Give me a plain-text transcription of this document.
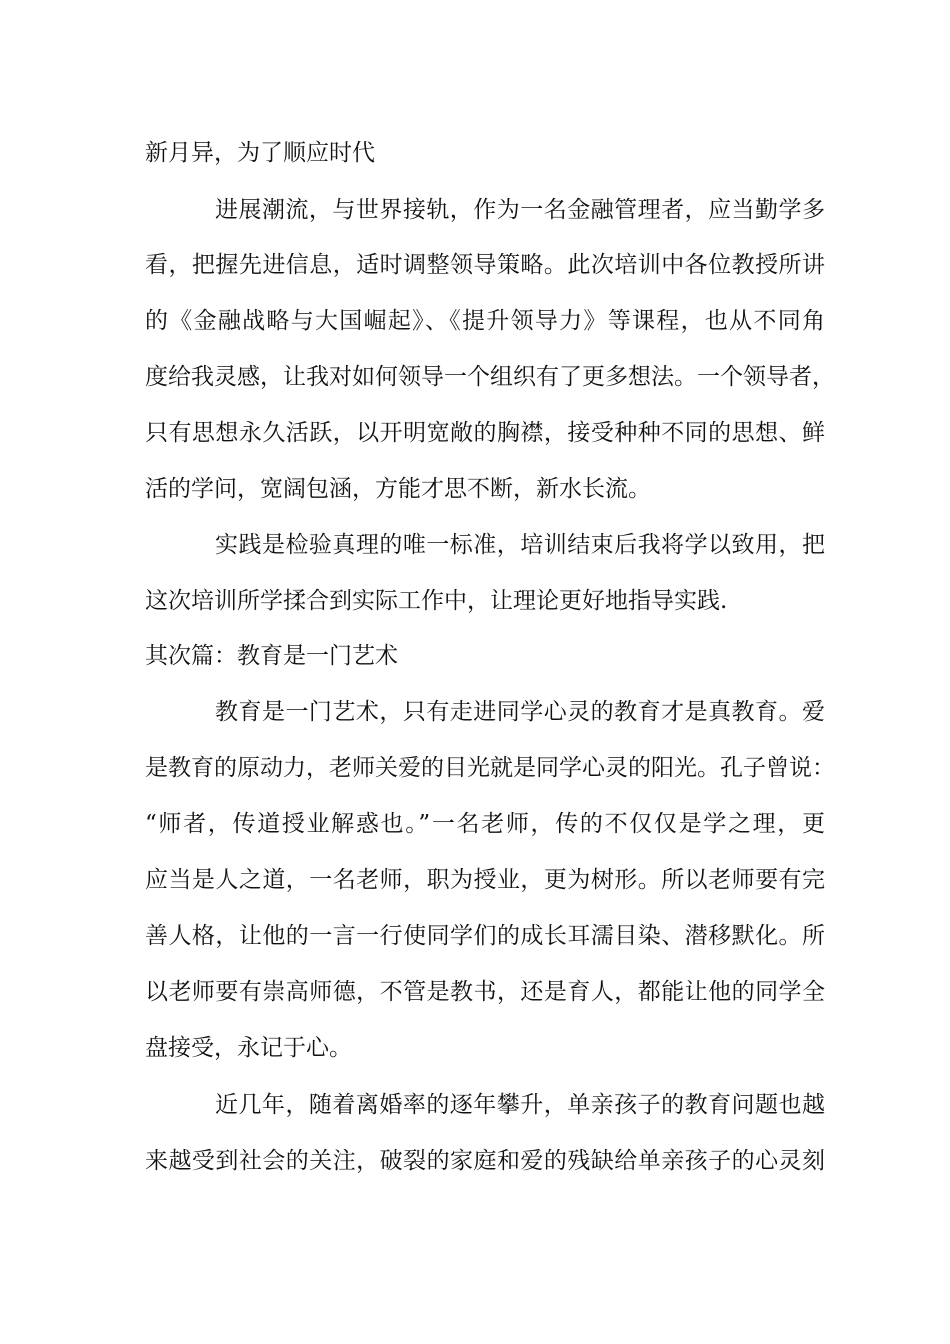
新月异，为了顺应时代

进展潮流，与世界接轨，作为一名金融管理者，应当勤学多

看，把握先进信息，适时调整领导策略。此次培训中各位教授所讲

的《金融战略与大国崛起》、《提升领导力》等课程，也从不同角

度给我灵感，让我对如何领导一个组织有了更多想法。一个领导者，

只有思想永久活跃，以开明宽敞的胸襟，接受种种不同的思想、鲜

活的学问，宽阔包涵，方能才思不断，新水长流。

实践是检验真理的唯一标准，培训结束后我将学以致用，把

这次培训所学揉合到实际工作中，让理论更好地指导实践.

其次篇：教育是一门艺术

教育是一门艺术，只有走进同学心灵的教育才是真教育。爱

是教育的原动力，老师关爱的目光就是同学心灵的阳光。孔子曾说：

“师者，传道授业解惑也。”一名老师，传的不仅仅是学之理，更

应当是人之道，一名老师，职为授业，更为树形。所以老师要有完

善人格，让他的一言一行使同学们的成长耳濡目染、潜移默化。所

以老师要有崇高师德，不管是教书，还是育人，都能让他的同学全

盘接受，永记于心。

近几年，随着离婚率的逐年攀升，单亲孩子的教育问题也越

来越受到社会的关注，破裂的家庭和爱的残缺给单亲孩子的心灵刻
